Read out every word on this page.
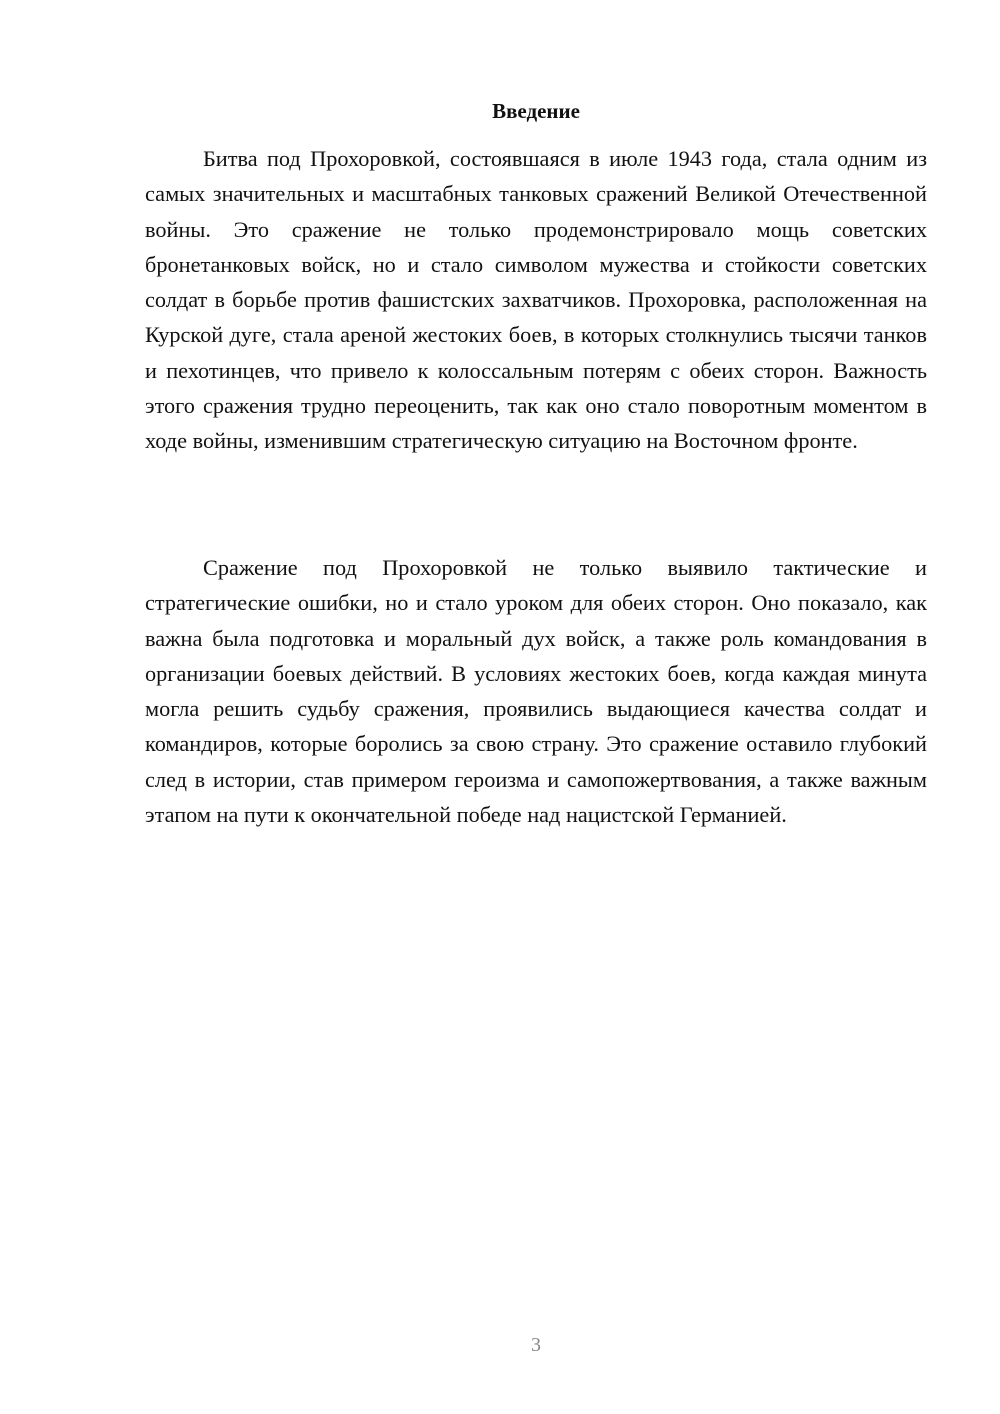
Введение

Битва под Прохоровкой, состоявшаяся в июле 1943 года, стала одним из самых значительных и масштабных танковых сражений Великой Отечественной войны. Это сражение не только продемонстрировало мощь советских бронетанковых войск, но и стало символом мужества и стойкости советских солдат в борьбе против фашистских захватчиков. Прохоровка, расположенная на Курской дуге, стала ареной жестоких боев, в которых столкнулись тысячи танков и пехотинцев, что привело к колоссальным потерям с обеих сторон. Важность этого сражения трудно переоценить, так как оно стало поворотным моментом в ходе войны, изменившим стратегическую ситуацию на Восточном фронте.

Сражение под Прохоровкой не только выявило тактические и стратегические ошибки, но и стало уроком для обеих сторон. Оно показало, как важна была подготовка и моральный дух войск, а также роль командования в организации боевых действий. В условиях жестоких боев, когда каждая минута могла решить судьбу сражения, проявились выдающиеся качества солдат и командиров, которые боролись за свою страну. Это сражение оставило глубокий след в истории, став примером героизма и самопожертвования, а также важным этапом на пути к окончательной победе над нацистской Германией.

3
